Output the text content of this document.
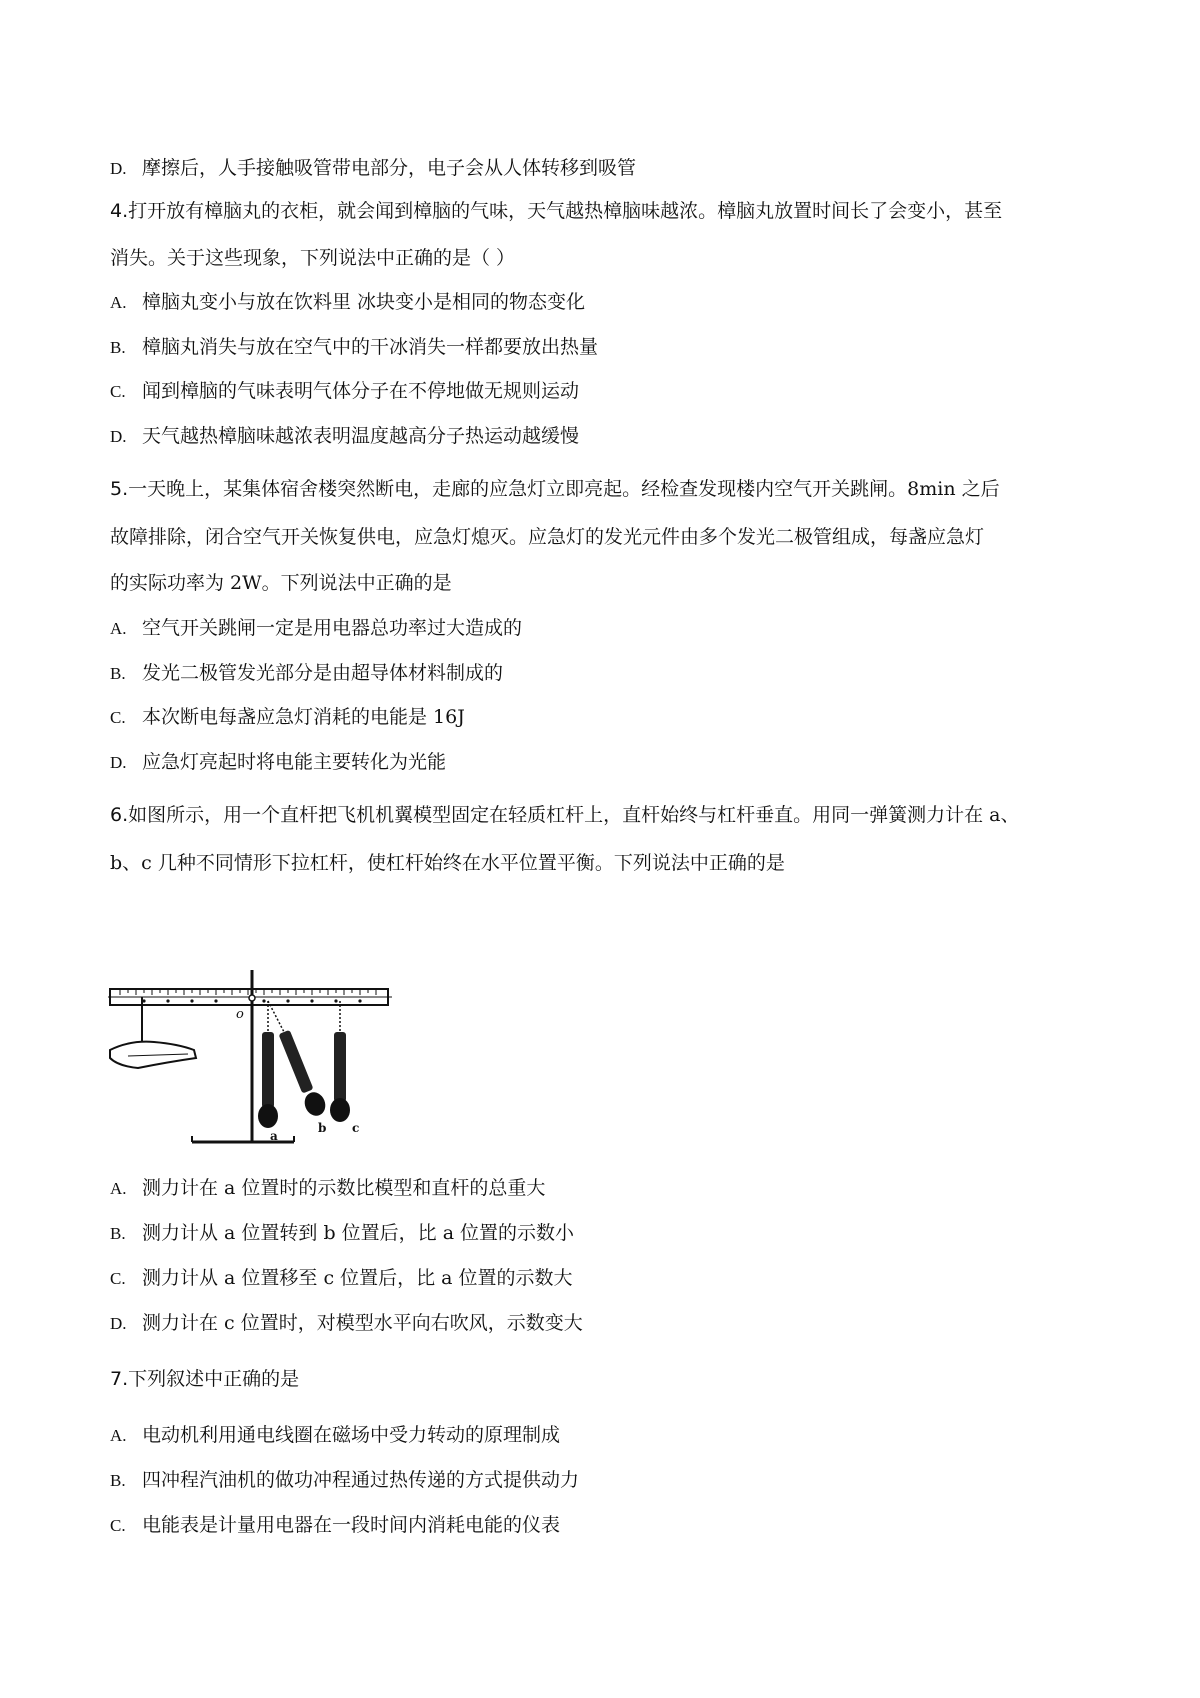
D. 摩擦后，人手接触吸管带电部分，电子会从人体转移到吸管
4.打开放有樟脑丸的衣柜，就会闻到樟脑的气味，天气越热樟脑味越浓。樟脑丸放置时间长了会变小，甚至
消失。关于这些现象，下列说法中正确的是（ ）
A. 樟脑丸变小与放在饮料里 冰块变小是相同的物态变化
B. 樟脑丸消失与放在空气中的干冰消失一样都要放出热量
C. 闻到樟脑的气味表明气体分子在不停地做无规则运动
D. 天气越热樟脑味越浓表明温度越高分子热运动越缓慢
5.一天晚上，某集体宿舍楼突然断电，走廊的应急灯立即亮起。经检查发现楼内空气开关跳闸。8min 之后
故障排除，闭合空气开关恢复供电，应急灯熄灭。应急灯的发光元件由多个发光二极管组成，每盏应急灯
的实际功率为 2W。下列说法中正确的是
A. 空气开关跳闸一定是用电器总功率过大造成的
B. 发光二极管发光部分是由超导体材料制成的
C. 本次断电每盏应急灯消耗的电能是 16J
D. 应急灯亮起时将电能主要转化为光能
6.如图所示，用一个直杆把飞机机翼模型固定在轻质杠杆上，直杆始终与杠杆垂直。用同一弹簧测力计在 a、
b、c 几种不同情形下拉杠杆，使杠杆始终在水平位置平衡。下列说法中正确的是
o
a
b c
A. 测力计在 a 位置时的示数比模型和直杆的总重大
B. 测力计从 a 位置转到 b 位置后，比 a 位置的示数小
C. 测力计从 a 位置移至 c 位置后，比 a 位置的示数大
D. 测力计在 c 位置时，对模型水平向右吹风，示数变大
7.下列叙述中正确的是
A. 电动机利用通电线圈在磁场中受力转动的原理制成
B. 四冲程汽油机的做功冲程通过热传递的方式提供动力
C. 电能表是计量用电器在一段时间内消耗电能的仪表
